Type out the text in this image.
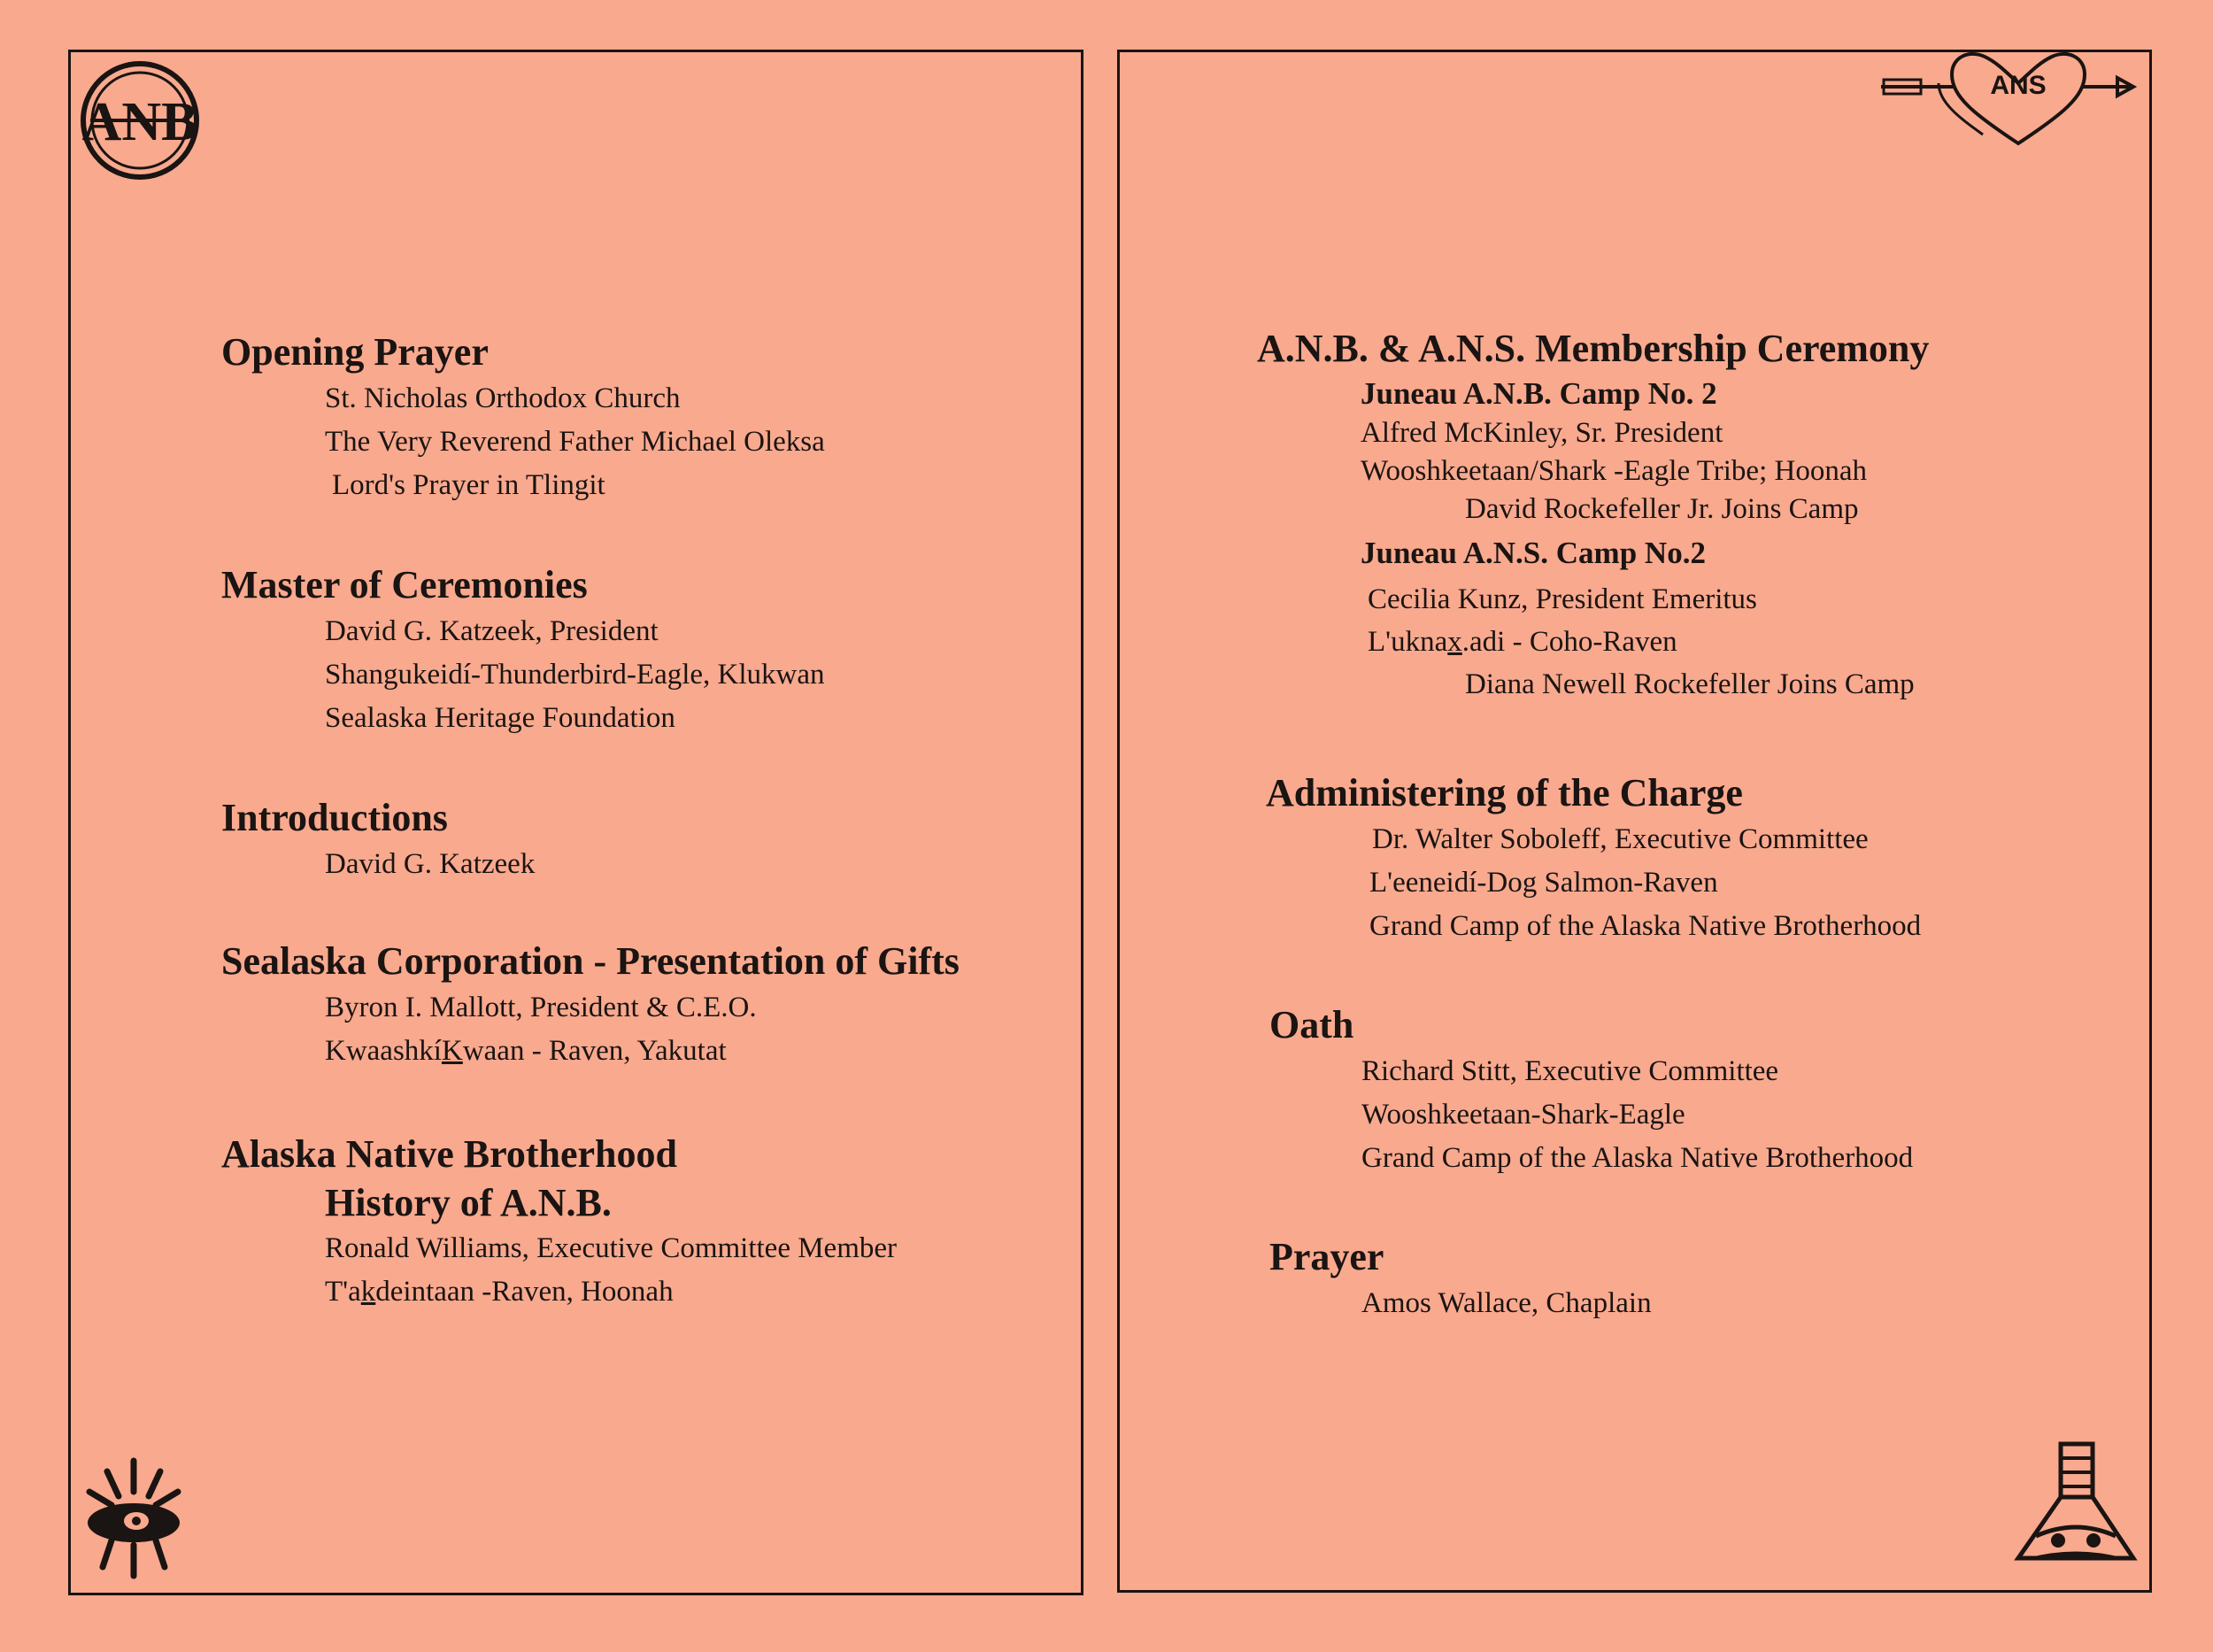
ANB
ANS
Opening Prayer
St. Nicholas Orthodox Church
The Very Reverend Father Michael Oleksa
Lord's Prayer in Tlingit
Master of Ceremonies
David G. Katzeek, President
Shangukeidí-Thunderbird-Eagle, Klukwan
Sealaska Heritage Foundation
Introductions
David G. Katzeek
Sealaska Corporation - Presentation of Gifts
Byron I. Mallott, President & C.E.O.
KwaashkíKwaan - Raven, Yakutat
Alaska Native Brotherhood
History of A.N.B.
Ronald Williams, Executive Committee Member
T'akdeintaan -Raven, Hoonah
A.N.B. & A.N.S. Membership Ceremony
Juneau A.N.B. Camp No. 2
Alfred McKinley, Sr. President
Wooshkeetaan/Shark -Eagle Tribe; Hoonah
David Rockefeller Jr. Joins Camp
Juneau A.N.S. Camp No.2
Cecilia Kunz, President Emeritus
L'uknax.adi - Coho-Raven
Diana Newell Rockefeller Joins Camp
Administering of the Charge
Dr. Walter Soboleff, Executive Committee
L'eeneidí-Dog Salmon-Raven
Grand Camp of the Alaska Native Brotherhood
Oath
Richard Stitt, Executive Committee
Wooshkeetaan-Shark-Eagle
Grand Camp of the Alaska Native Brotherhood
Prayer
Amos Wallace, Chaplain
